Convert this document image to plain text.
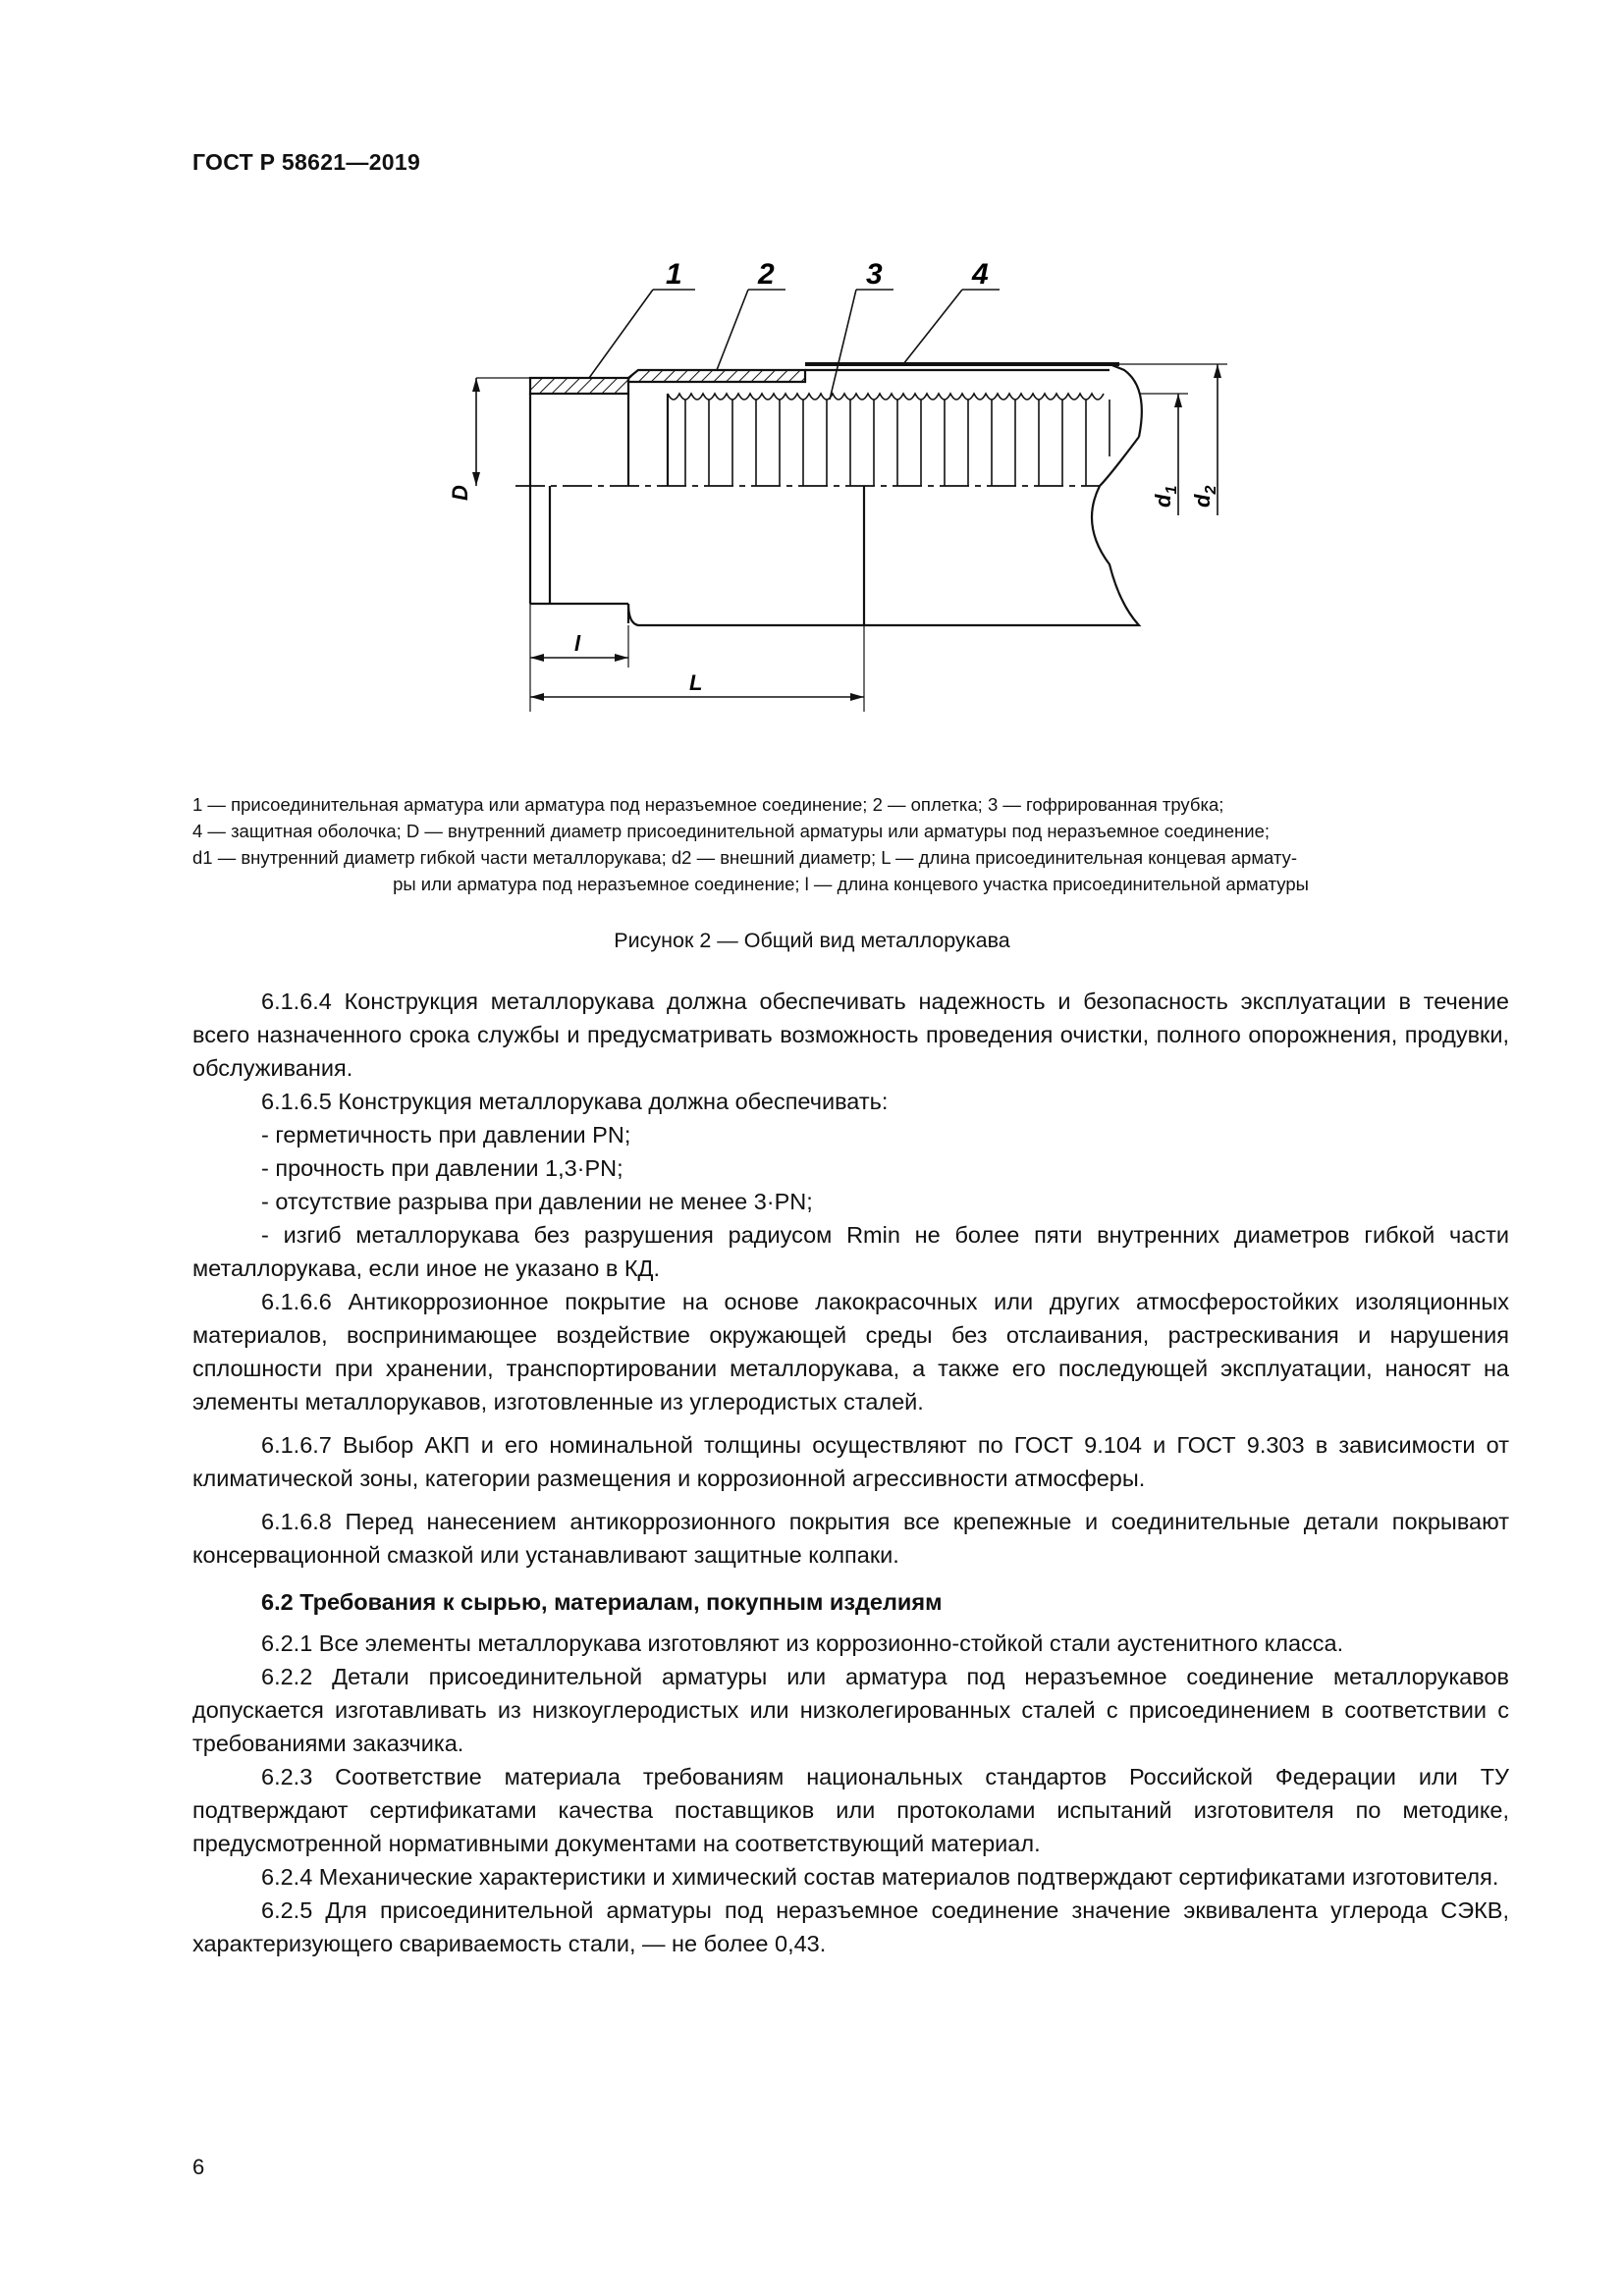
ГОСТ Р 58621—2019
1	2	3	4
D
$d_1$
$d_2$
l
L
1 — присоединительная арматура или арматура под неразъемное соединение; 2 — оплетка; 3 — гофрированная трубка;
4 — защитная оболочка; D — внутренний диаметр присоединительной арматуры или арматуры под неразъемное соединение;
d1 — внутренний диаметр гибкой части металлорукава; d2 — внешний диаметр; L — длина присоединительная концевая армату-
ры или арматура под неразъемное соединение; l — длина концевого участка присоединительной арматуры
Рисунок 2 — Общий вид металлорукава

6.1.6.4 Конструкция металлорукава должна обеспечивать надежность и безопасность эксплуатации в течение всего назначенного срока службы и предусматривать возможность проведения очистки, полного опорожнения, продувки, обслуживания.

6.1.6.5 Конструкция металлорукава должна обеспечивать:

- герметичность при давлении PN;

- прочность при давлении 1,3·PN;

- отсутствие разрыва при давлении не менее 3·PN;

- изгиб металлорукава без разрушения радиусом Rmin не более пяти внутренних диаметров гибкой части металлорукава, если иное не указано в КД.

6.1.6.6 Антикоррозионное покрытие на основе лакокрасочных или других атмосферостойких изоляционных материалов, воспринимающее воздействие окружающей среды без отслаивания, растрескивания и нарушения сплошности при хранении, транспортировании металлорукава, а также его последующей эксплуатации, наносят на элементы металлорукавов, изготовленные из углеродистых сталей.

6.1.6.7 Выбор АКП и его номинальной толщины осуществляют по ГОСТ 9.104 и ГОСТ 9.303 в зависимости от климатической зоны, категории размещения и коррозионной агрессивности атмосферы.

6.1.6.8 Перед нанесением антикоррозионного покрытия все крепежные и соединительные детали покрывают консервационной смазкой или устанавливают защитные колпаки.

6.2 Требования к сырью, материалам, покупным изделиям

6.2.1 Все элементы металлорукава изготовляют из коррозионно-стойкой стали аустенитного класса.

6.2.2 Детали присоединительной арматуры или арматура под неразъемное соединение металлорукавов допускается изготавливать из низкоуглеродистых или низколегированных сталей с присоединением в соответствии с требованиями заказчика.

6.2.3 Соответствие материала требованиям национальных стандартов Российской Федерации или ТУ подтверждают сертификатами качества поставщиков или протоколами испытаний изготовителя по методике, предусмотренной нормативными документами на соответствующий материал.

6.2.4 Механические характеристики и химический состав материалов подтверждают сертификатами изготовителя.

6.2.5 Для присоединительной арматуры под неразъемное соединение значение эквивалента углерода CЭКВ, характеризующего свариваемость стали, — не более 0,43.

6
